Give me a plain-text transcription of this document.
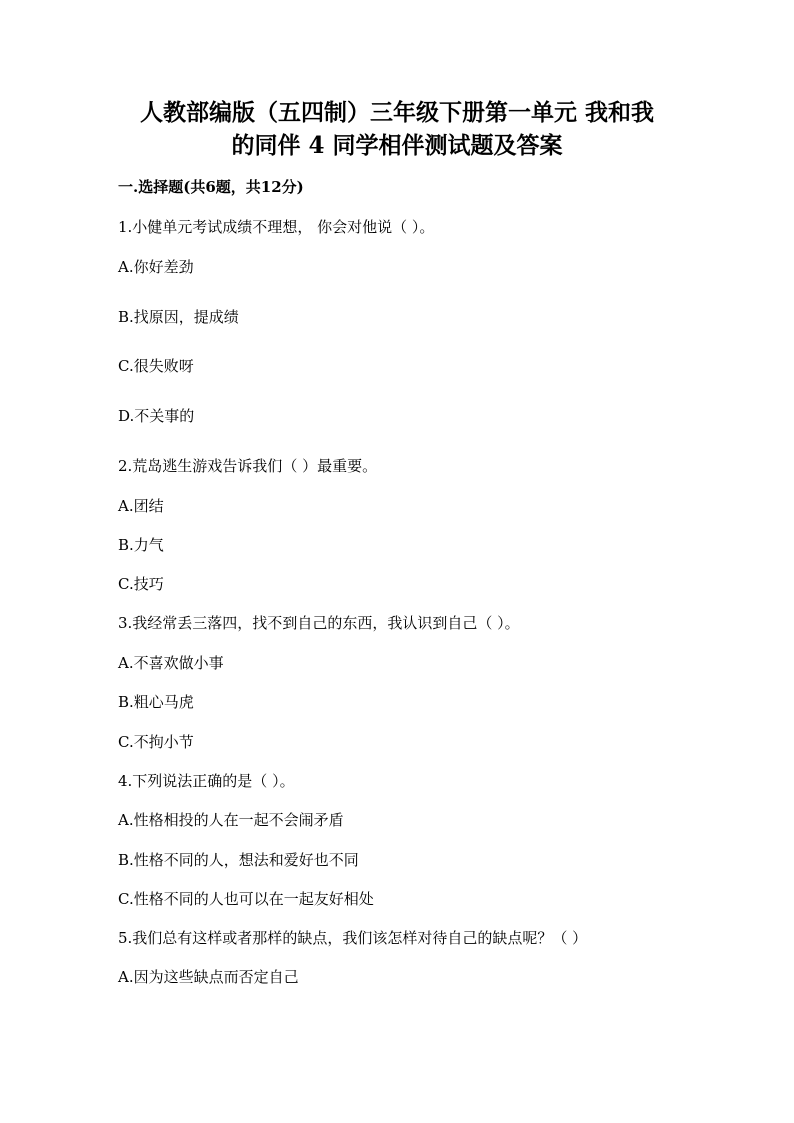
人教部编版（五四制）三年级下册第一单元 我和我
的同伴 4 同学相伴测试题及答案
一.选择题(共6题，共12分)

1.小健单元考试成绩不理想， 你会对他说（ ）。

A.你好差劲

B.找原因，提成绩

C.很失败呀

D.不关事的

2.荒岛逃生游戏告诉我们（ ）最重要。

A.团结

B.力气

C.技巧

3.我经常丢三落四，找不到自己的东西，我认识到自己（ ）。

A.不喜欢做小事

B.粗心马虎

C.不拘小节

4.下列说法正确的是（ ）。

A.性格相投的人在一起不会闹矛盾

B.性格不同的人，想法和爱好也不同

C.性格不同的人也可以在一起友好相处

5.我们总有这样或者那样的缺点，我们该怎样对待自己的缺点呢？（ ）

A.因为这些缺点而否定自己
